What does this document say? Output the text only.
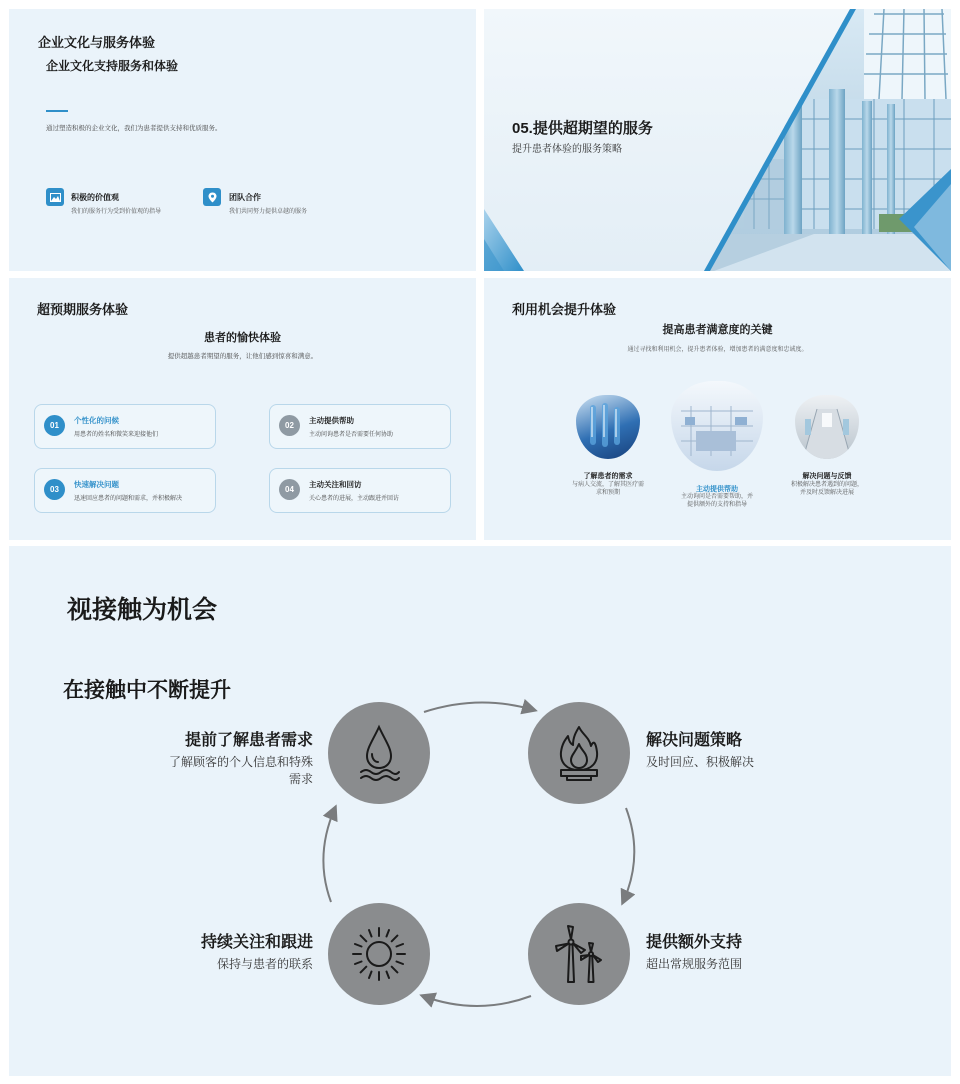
企业文化与服务体验
企业文化支持服务和体验
通过塑造积极的企业文化，我们为患者提供支持和优质服务。
积极的价值观
我们的服务行为受到价值观的指导
团队合作
我们共同努力提供卓越的服务
05.提供超期望的服务
提升患者体验的服务策略
超预期服务体验
患者的愉快体验
提供超越患者期望的服务，让他们感到惊喜和满意。
01
个性化的问候
用患者的姓名和微笑来迎接他们
02
主动提供帮助
主动问询患者是否需要任何协助
03
快速解决问题
迅速回应患者的问题和需求，并积极解决
04
主动关注和回访
关心患者的进展，主动跟进并回访
利用机会提升体验
提高患者满意度的关键
通过寻找和利用机会，提升患者体验，增加患者的满意度和忠诚度。
了解患者的需求
与病人交流，了解其医疗需
求和预期	主动提供帮助
主动询问是否需要帮助，并
提供额外的支持和指导
解决问题与反馈
积极解决患者遇到的问题，
并及时反馈解决进展
视接触为机会
在接触中不断提升
提前了解患者需求
了解顾客的个人信息和特殊
需求
解决问题策略
及时回应、积极解决
提供额外支持
超出常规服务范围
持续关注和跟进
保持与患者的联系
